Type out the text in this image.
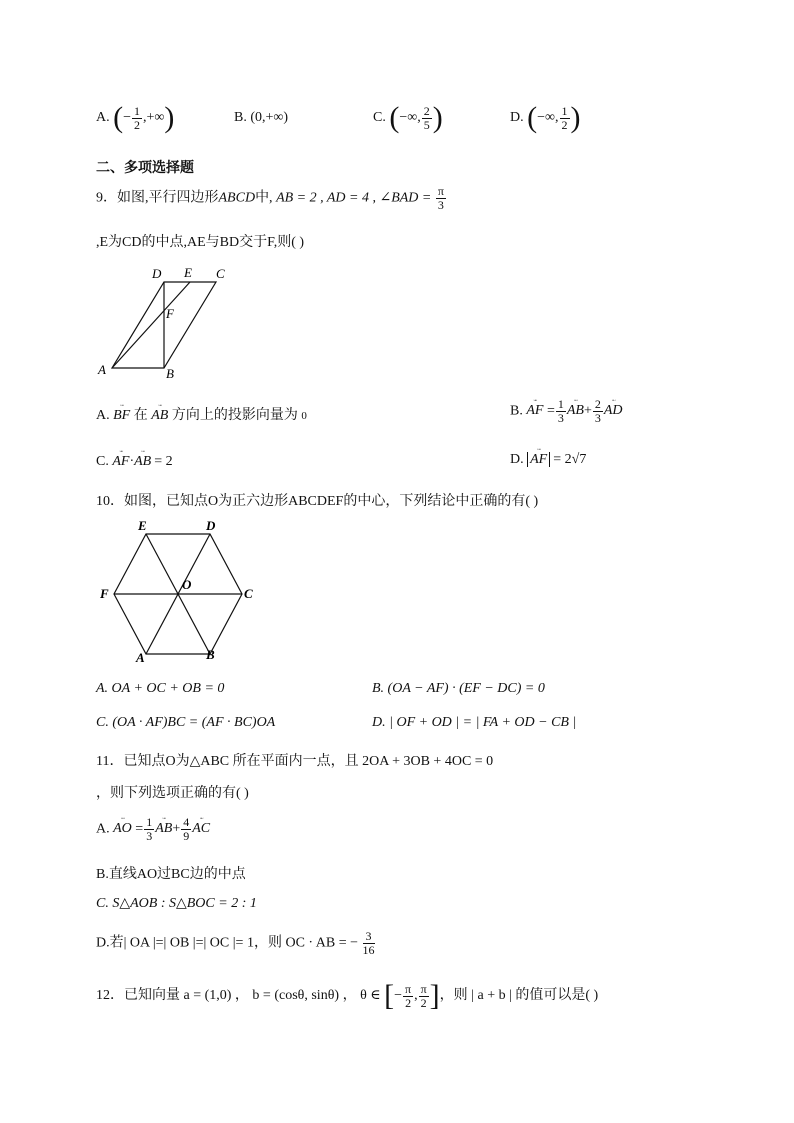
A. (− $\frac{1}{2}$ ,+∞)	B. (0,+∞)	C. (−∞, $\frac{2}{5}$ )	D. (−∞, $\frac{1}{2}$ )
二、多项选择题
9．如图,平行四边形ABCD中, AB = 2 , AD = 4 , ∠BAD = $\frac{\pi}{3}$
,E为CD的中点,AE与BD交于F,则( )
D E C
F
A	B
A.
ᵕᵕ
BF 在
ᵕᵕ
AB 方向上的投影向量为 0	B.
ᵕᵕ
AF = $\frac{1}{3}$	ᵕᵕ
$AB+ \frac{2}{3}$	ᵕᵕ
AD
C.
ᵕᵕ
AF·
ᵕᵕ
AB = 2	D.
ᵕᵕ
AF = 2√7
10．如图，已知点O为正六边形ABCDEF的中心，下列结论中正确的有( )
E	D
F
O
C
A	B
A. OA + OC + OB = 0	B. (OA − AF) · (EF − DC) = 0
C. (OA · AF)BC = (AF · BC)OA	D. | OF + OD | = | FA + OD − CB |
11．已知点O为△ABC 所在平面内一点，且 2OA + 3OB + 4OC = 0
，则下列选项正确的有( )
A.
ᵕᵕ
AO = $\frac{1}{3}$	ᵕᵕ
$AB+ \frac{4}{9}$	ᵕᵕ
AC
B.直线AO过BC边的中点
C. S△AOB : S△BOC = 2 : 1
D.若| OA |=| OB |=| OC |= 1，则 OC · AB = − $\frac{3}{16}$
12．已知向量 a = (1,0) ， b = (cosθ, sinθ) ， θ ∈ [− $\frac{\pi}{2}$ , $\frac{\pi}{2}$ ]，则 | a + b | 的值可以是( )
